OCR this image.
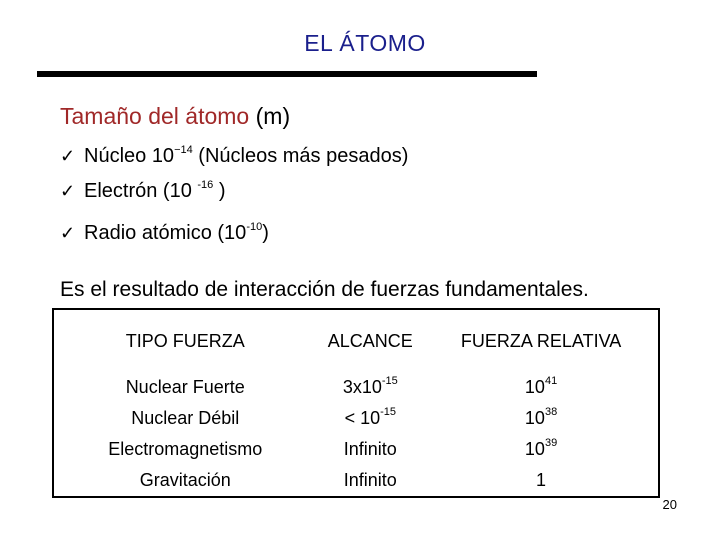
EL ÁTOMO
Tamaño del átomo (m)
✓ Núcleo $10^{-14}$ (Núcleos más pesados)
✓ Electrón (10 $^{-16}$ )
✓ Radio atómico $(10^{-10})$
Es el resultado de interacción de fuerzas fundamentales.
TIPO FUERZA	ALCANCE	FUERZA RELATIVA
Nuclear Fuerte	$3x10^{-15}$	$10^{41}$
Nuclear Débil	< $10^{-15}$	$10^{38}$
Electromagnetismo	Infinito	$10^{39}$
Gravitación	Infinito	1
20
